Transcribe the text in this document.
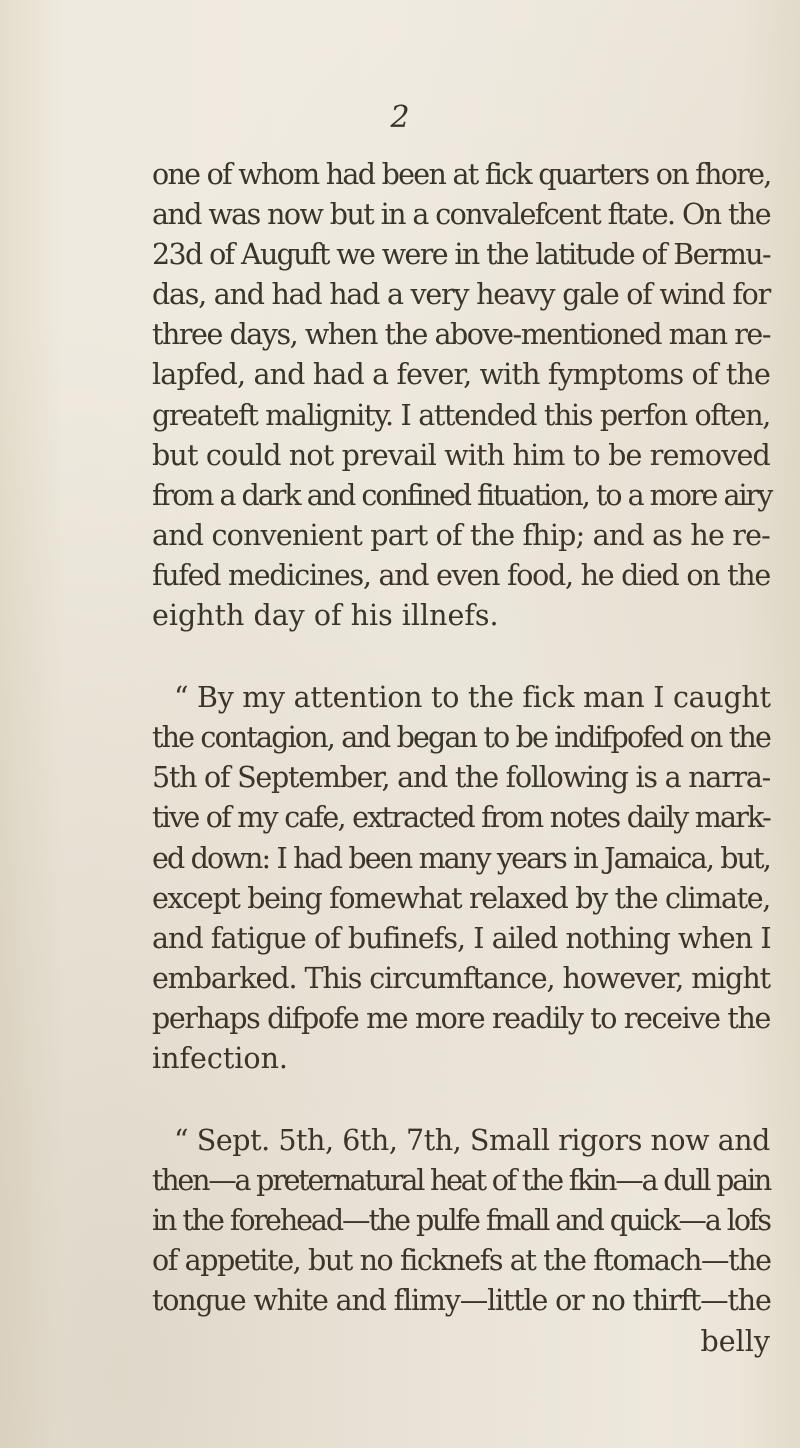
2

one of whom had been at fick quarters on fhore,
and was now but in a convalefcent ftate. On the
23d of Auguft we were in the latitude of Bermu-
das, and had had a very heavy gale of wind for
three days, when the above-mentioned man re-
lapfed, and had a fever, with fymptoms of the
greateft malignity. I attended this perfon often,
but could not prevail with him to be removed
from a dark and confined fituation, to a more airy
and convenient part of the fhip; and as he re-
fufed medicines, and even food, he died on the
eighth day of his illnefs.

“ By my attention to the fick man I caught
the contagion, and began to be indifpofed on the
5th of September, and the following is a narra-
tive of my cafe, extracted from notes daily mark-
ed down: I had been many years in Jamaica, but,
except being fomewhat relaxed by the climate,
and fatigue of bufinefs, I ailed nothing when I
embarked. This circumftance, however, might
perhaps difpofe me more readily to receive the
infection.

“ Sept. 5th, 6th, 7th, Small rigors now and
then—a preternatural heat of the fkin—a dull pain
in the forehead—the pulfe fmall and quick—a lofs
of appetite, but no ficknefs at the ftomach—the
tongue white and flimy—little or no thirft—the
belly
